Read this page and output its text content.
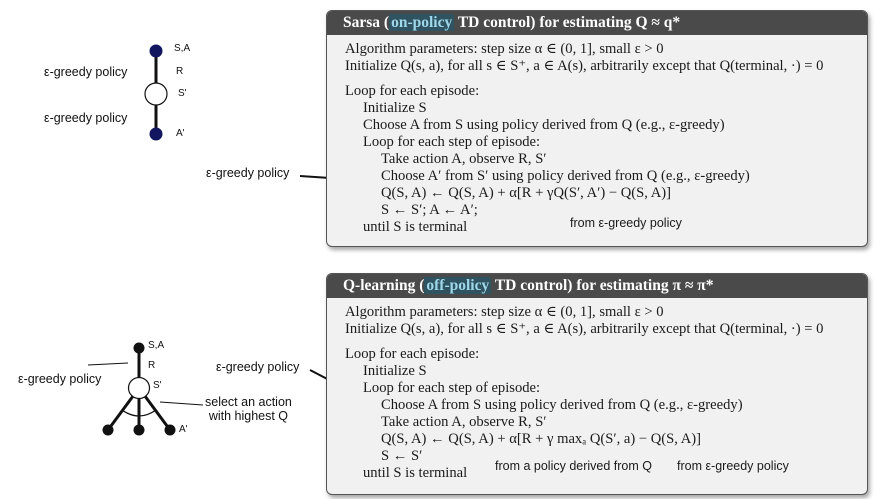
S,A
R
S'
A'
S,A
R
S'
A'
ε-greedy policy
ε-greedy policy
ε-greedy policy
ε-greedy policy
ε-greedy policy
select an action
with highest Q
Sarsa ( on-policy TD control) for estimating Q ≈ q*
Algorithm parameters: step size α ∈ (0, 1], small ε > 0
Initialize Q(s, a), for all s ∈ S⁺, a ∈ A(s), arbitrarily except that Q(terminal, ·) = 0
Loop for each episode:
Initialize S
Choose A from S using policy derived from Q (e.g., ε-greedy)
Loop for each step of episode:
Take action A, observe R, S′
Choose A′ from S′ using policy derived from Q (e.g., ε-greedy)
Q(S, A) ← Q(S, A) + α[R + γQ(S′, A′) − Q(S, A)]
S ← S′; A ← A′;
until S is terminal	from ε-greedy policy
Q-learning ( off-policy TD control) for estimating π ≈ π*
Algorithm parameters: step size α ∈ (0, 1], small ε > 0
Initialize Q(s, a), for all s ∈ S⁺, a ∈ A(s), arbitrarily except that Q(terminal, ·) = 0
Loop for each episode:
Initialize S
Loop for each step of episode:
Choose A from S using policy derived from Q (e.g., ε-greedy)
Take action A, observe R, S′
Q(S, A) ← Q(S, A) + α[R + γ maxₐ Q(S′, a) − Q(S, A)]
S ← S′
until S is terminal	from a policy derived from Q from ε-greedy policy
